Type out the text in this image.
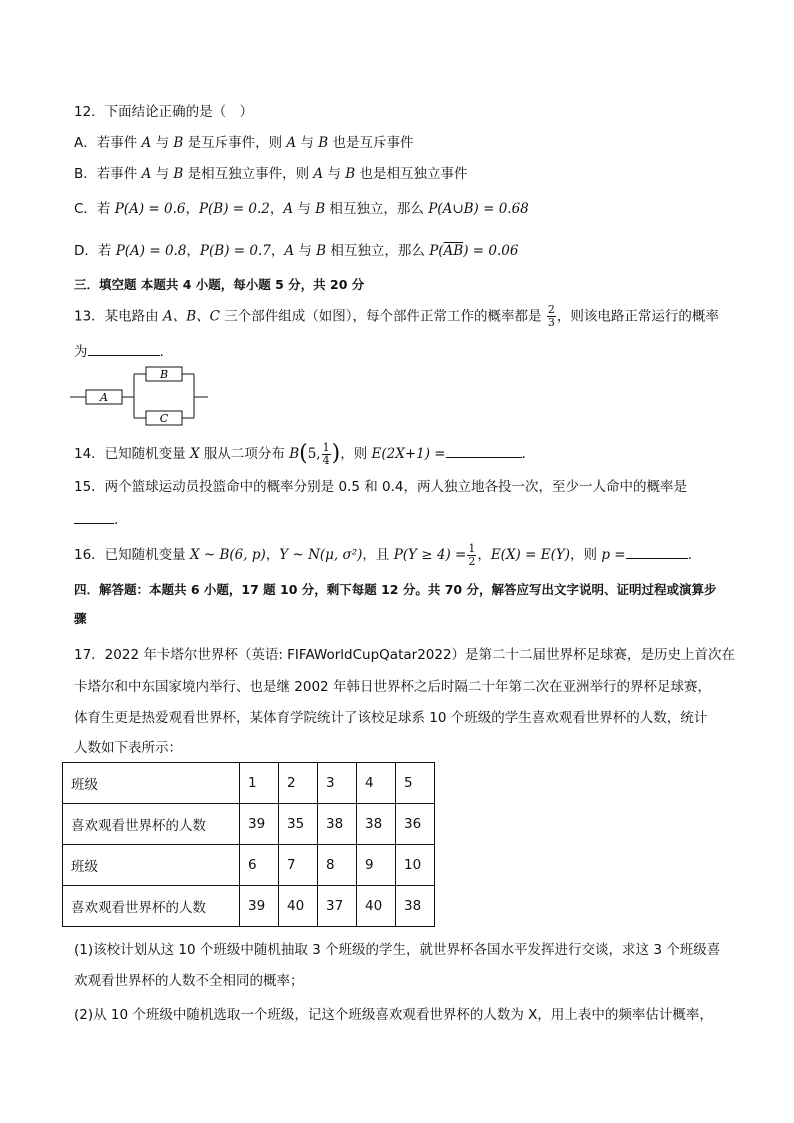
12．下面结论正确的是（　）
A．若事件 A 与 B 是互斥事件，则 A 与 B 也是互斥事件
B．若事件 A 与 B 是相互独立事件，则 A 与 B 也是相互独立事件
C．若 P(A) = 0.6，P(B) = 0.2，A 与 B 相互独立，那么 P(A∪B) = 0.68
D．若 P(A) = 0.8，P(B) = 0.7，A 与 B 相互独立，那么 $P(\overline{AB}) = 0.06$
三．填空题 本题共 4 小题，每小题 5 分，共 20 分
13．某电路由 A、B、C 三个部件组成（如图），每个部件正常工作的概率都是 $\frac{2}{3}$ ，则该电路正常运行的概率
为	.
A
B
C
14．已知随机变量 X 服从二项分布 B(5, $\frac{1}{4}$ )，则 E(2X+1) =	.
15．两个篮球运动员投篮命中的概率分别是 0.5 和 0.4，两人独立地各投一次，至少一人命中的概率是
.
16．已知随机变量 X ~ B(6, p)，Y ~ N(μ, σ²)，且 $P(Y \ge 4) = \frac{1}{2}$ ，E(X) = E(Y)，则 p =	.
四．解答题：本题共 6 小题，17 题 10 分，剩下每题 12 分。共 70 分，解答应写出文字说明、证明过程或演算步
骤
17．2022 年卡塔尔世界杯（英语: FIFAWorldCupQatar2022）是第二十二届世界杯足球赛，是历史上首次在
卡塔尔和中东国家境内举行、也是继 2002 年韩日世界杯之后时隔二十年第二次在亚洲举行的界杯足球赛，
体育生更是热爱观看世界杯，某体育学院统计了该校足球系 10 个班级的学生喜欢观看世界杯的人数，统计
人数如下表所示：
班级	1	2	3	4	5
喜欢观看世界杯的人数	39	35	38	38	36
班级	6	7	8	9	10
喜欢观看世界杯的人数	39	40	37	40	38
(1)该校计划从这 10 个班级中随机抽取 3 个班级的学生，就世界杯各国水平发挥进行交谈，求这 3 个班级喜
欢观看世界杯的人数不全相同的概率；
(2)从 10 个班级中随机选取一个班级，记这个班级喜欢观看世界杯的人数为 X，用上表中的频率估计概率，
